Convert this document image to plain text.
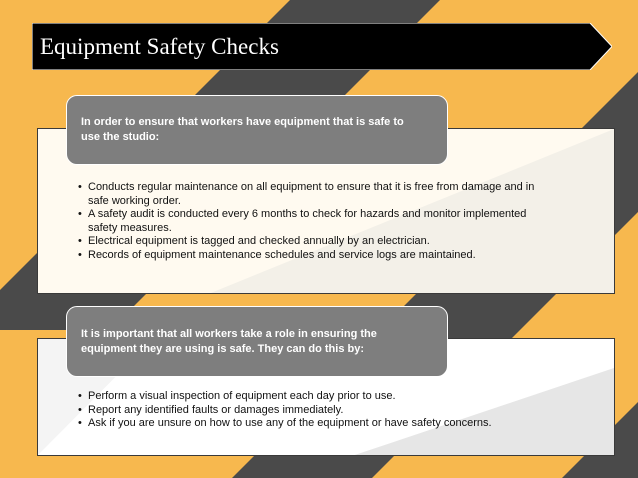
Equipment Safety Checks
In order to ensure that workers have equipment that is safe to use the studio:
• Conducts regular maintenance on all equipment to ensure that it is free from damage and in safe working order.
• A safety audit is conducted every 6 months to check for hazards and monitor implemented safety measures.
• Electrical equipment is tagged and checked annually by an electrician.
• Records of equipment maintenance schedules and service logs are maintained.
It is important that all workers take a role in ensuring the equipment they are using is safe. They can do this by:
• Perform a visual inspection of equipment each day prior to use.
• Report any identified faults or damages immediately.
• Ask if you are unsure on how to use any of the equipment or have safety concerns.
